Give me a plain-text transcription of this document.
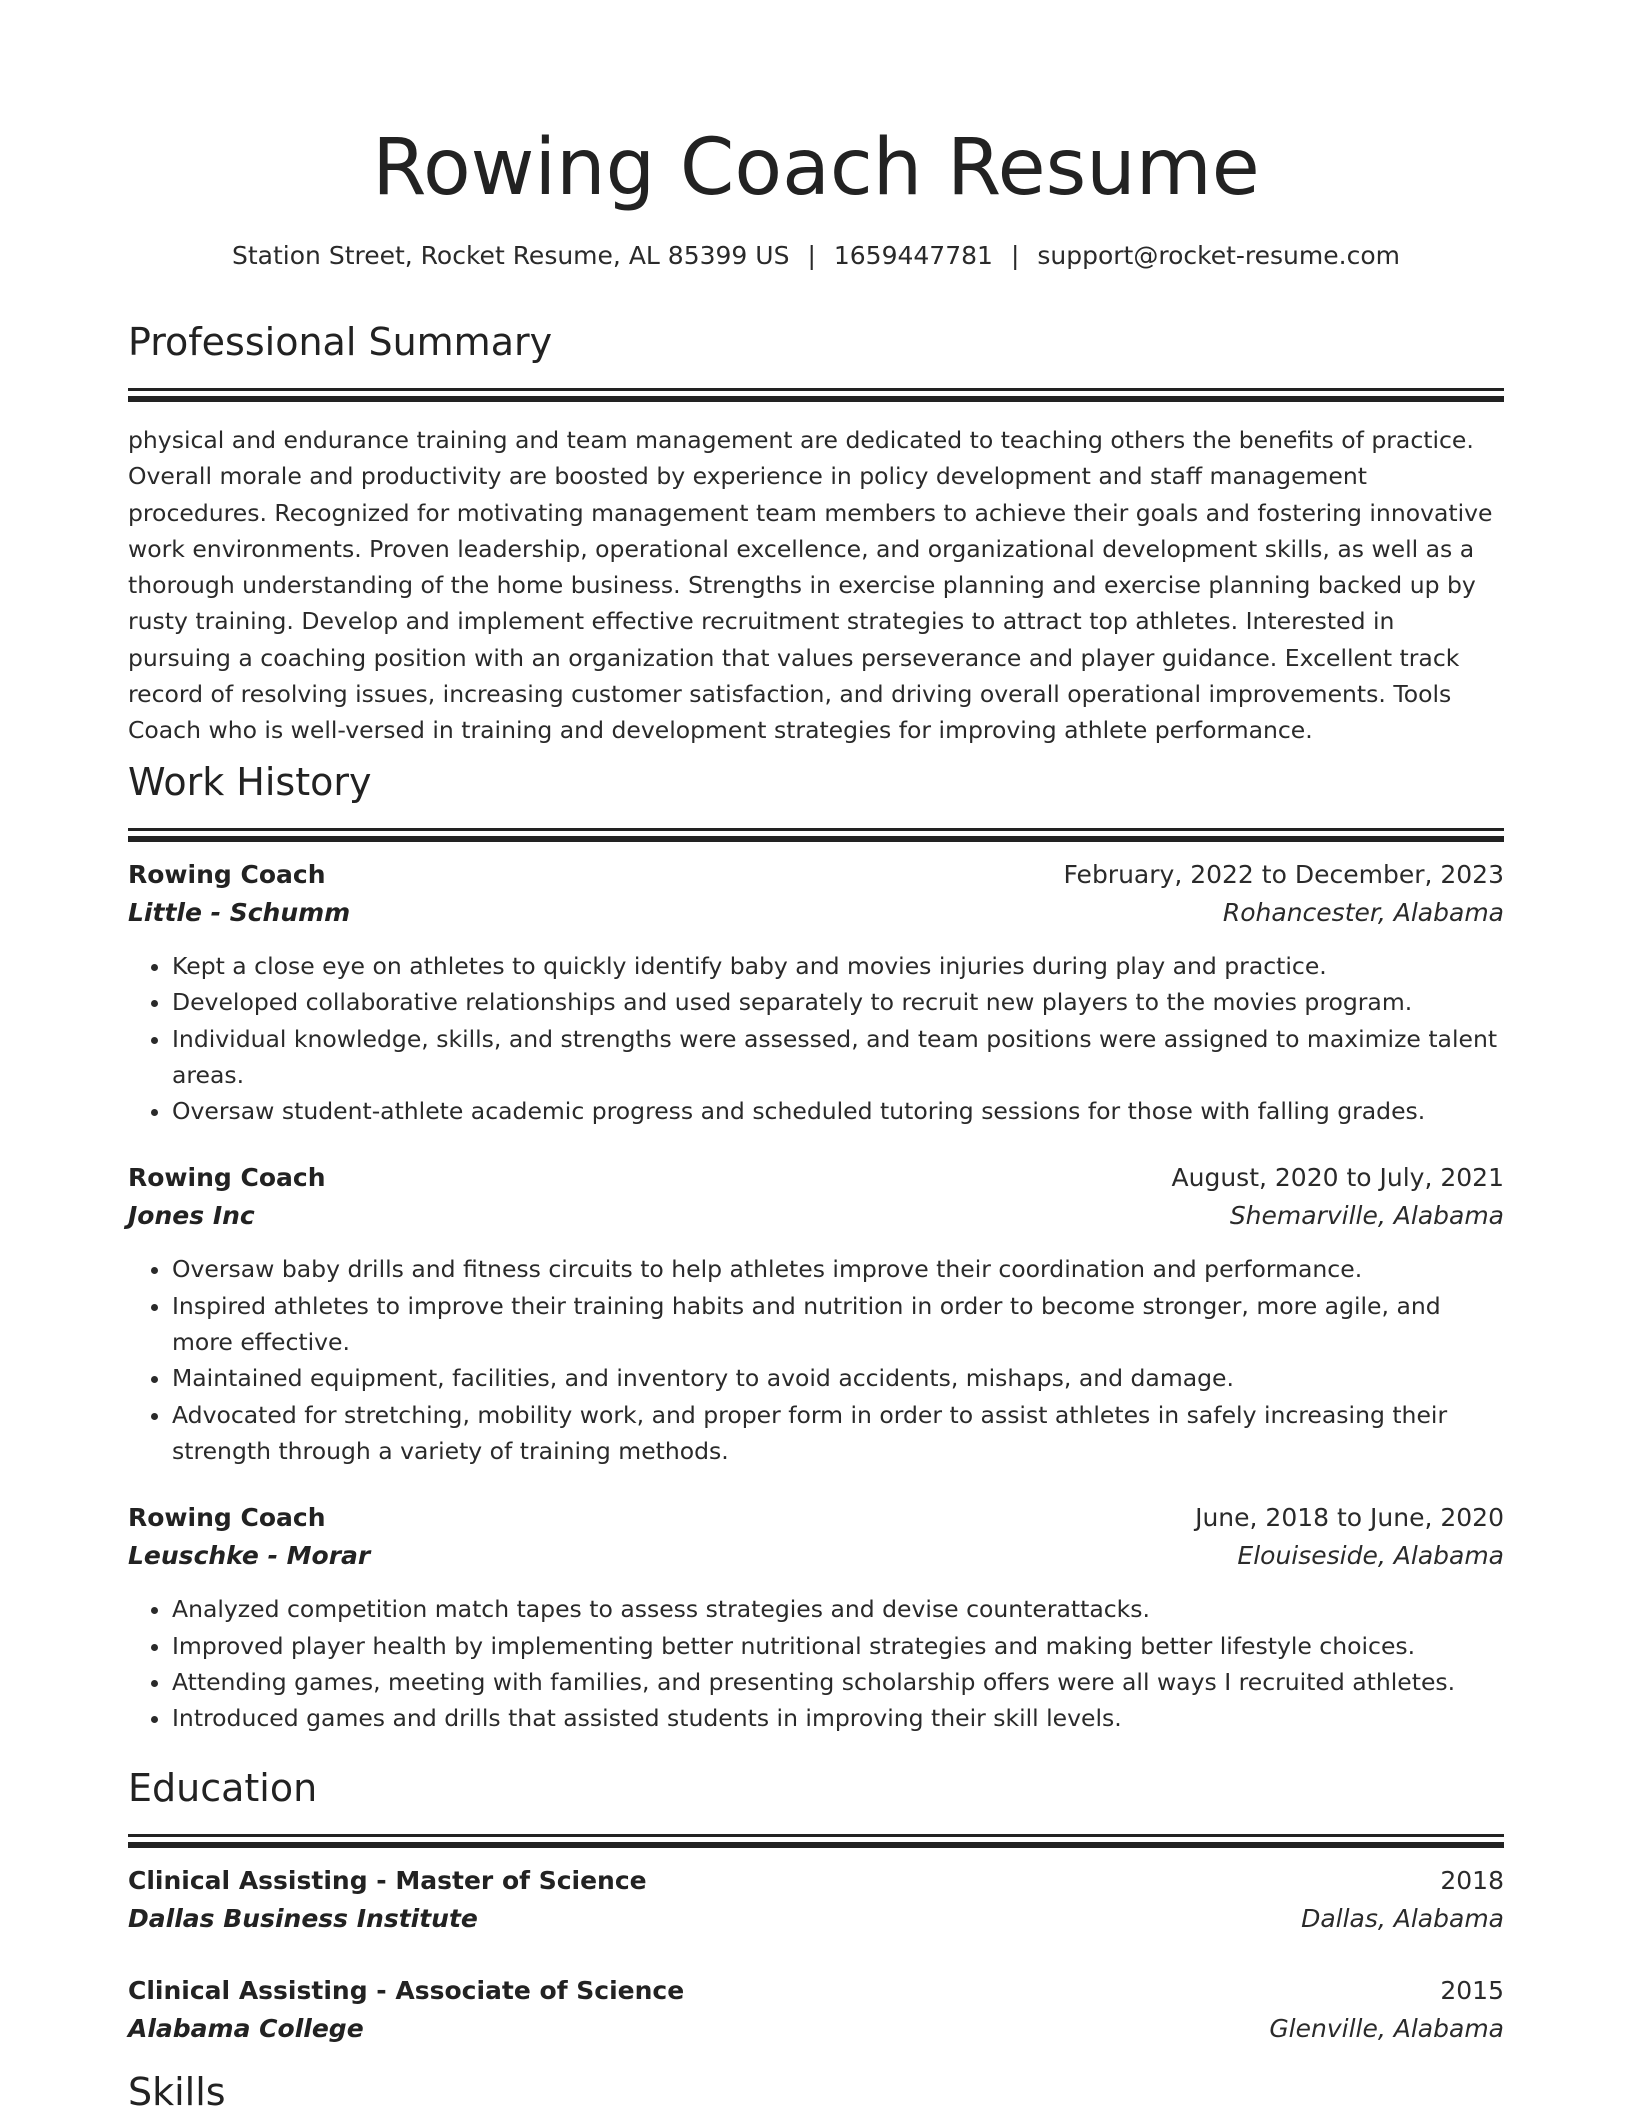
Rowing Coach Resume
Station Street, Rocket Resume, AL 85399 US | 1659447781 | support@rocket-resume.com
Professional Summary
physical and endurance training and team management are dedicated to teaching others the benefits of practice. Overall morale and productivity are boosted by experience in policy development and staff management procedures. Recognized for motivating management team members to achieve their goals and fostering innovative work environments. Proven leadership, operational excellence, and organizational development skills, as well as a thorough understanding of the home business. Strengths in exercise planning and exercise planning backed up by rusty training. Develop and implement effective recruitment strategies to attract top athletes. Interested in pursuing a coaching position with an organization that values perseverance and player guidance. Excellent track record of resolving issues, increasing customer satisfaction, and driving overall operational improvements. Tools Coach who is well-versed in training and development strategies for improving athlete performance.
Work History
Rowing Coach	February, 2022 to December, 2023
Little - Schumm	Rohancester, Alabama
• Kept a close eye on athletes to quickly identify baby and movies injuries during play and practice.
• Developed collaborative relationships and used separately to recruit new players to the movies program.
• Individual knowledge, skills, and strengths were assessed, and team positions were assigned to maximize talent areas.
• Oversaw student-athlete academic progress and scheduled tutoring sessions for those with falling grades.
Rowing Coach	August, 2020 to July, 2021
Jones Inc	Shemarville, Alabama
• Oversaw baby drills and fitness circuits to help athletes improve their coordination and performance.
• Inspired athletes to improve their training habits and nutrition in order to become stronger, more agile, and more effective.
• Maintained equipment, facilities, and inventory to avoid accidents, mishaps, and damage.
• Advocated for stretching, mobility work, and proper form in order to assist athletes in safely increasing their strength through a variety of training methods.
Rowing Coach	June, 2018 to June, 2020
Leuschke - Morar	Elouiseside, Alabama
• Analyzed competition match tapes to assess strategies and devise counterattacks.
• Improved player health by implementing better nutritional strategies and making better lifestyle choices.
• Attending games, meeting with families, and presenting scholarship offers were all ways I recruited athletes.
• Introduced games and drills that assisted students in improving their skill levels.
Education
Clinical Assisting - Master of Science	2018
Dallas Business Institute	Dallas, Alabama
Clinical Assisting - Associate of Science	2015
Alabama College	Glenville, Alabama
Skills
